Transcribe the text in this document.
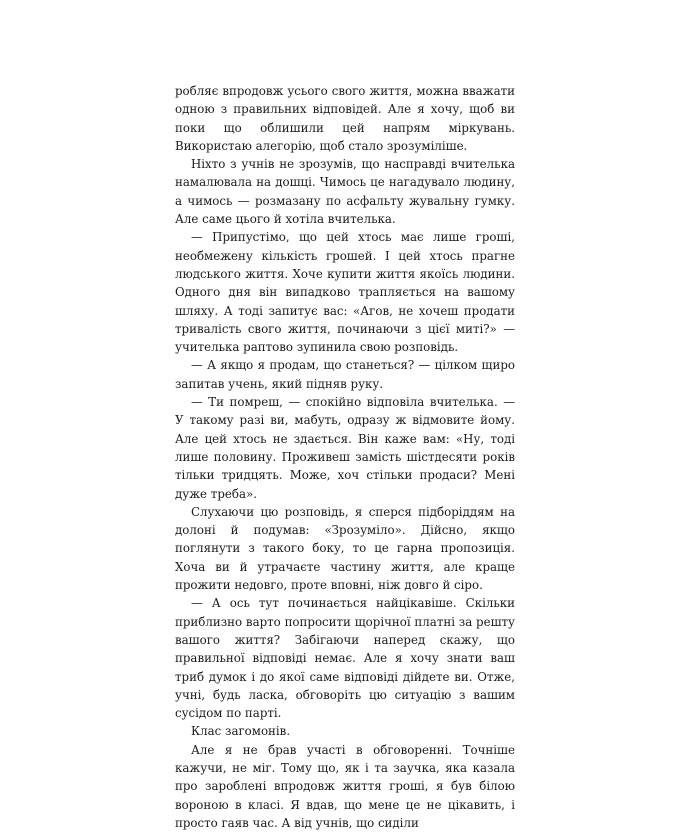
робляє впродовж усього свого життя, можна вважати одною з правильних відповідей. Але я хочу, щоб ви поки що облишили цей напрям міркувань. Використаю алегорію, щоб стало зрозуміліше.

Ніхто з учнів не зрозумів, що насправді вчителька намалювала на дошці. Чимось це нагадувало людину, а чимось — розмазану по асфальту жувальну гумку. Але саме цього й хотіла вчителька.

— Припустімо, що цей хтось має лише гроші, необмежену кількість грошей. І цей хтось прагне людського життя. Хоче купити життя якоїсь людини. Одного дня він випадково трапляється на вашому шляху. А тоді запитує вас: «Агов, не хочеш продати тривалість свого життя, починаючи з цієї миті?» — учителька раптово зупинила свою розповідь.

— А якщо я продам, що станеться? — цілком щиро запитав учень, який підняв руку.

— Ти помреш, — спокійно відповіла вчителька. — У такому разі ви, мабуть, одразу ж відмовите йому. Але цей хтось не здається. Він каже вам: «Ну, тоді лише половину. Проживеш замість шістдесяти років тільки тридцять. Може, хоч стільки продаси? Мені дуже треба».

Слухаючи цю розповідь, я сперся підборіддям на долоні й подумав: «Зрозуміло». Дійсно, якщо поглянути з такого боку, то це гарна пропозиція. Хоча ви й утрачаєте частину життя, але краще прожити недовго, проте вповні, ніж довго й сіро.

— А ось тут починається найцікавіше. Скільки приблизно варто попросити щорічної платні за решту вашого життя? Забігаючи наперед скажу, що правильної відповіді немає. Але я хочу знати ваш триб думок і до якої саме відповіді дійдете ви. Отже, учні, будь ласка, обговоріть цю ситуацію з вашим сусідом по парті.

Клас загомонів.

Але я не брав участі в обговоренні. Точніше кажучи, не міг. Тому що, як і та заучка, яка казала про зароблені впродовж життя гроші, я був білою вороною в класі. Я вдав, що мене це не цікавить, і просто гаяв час. А від учнів, що сиділи
